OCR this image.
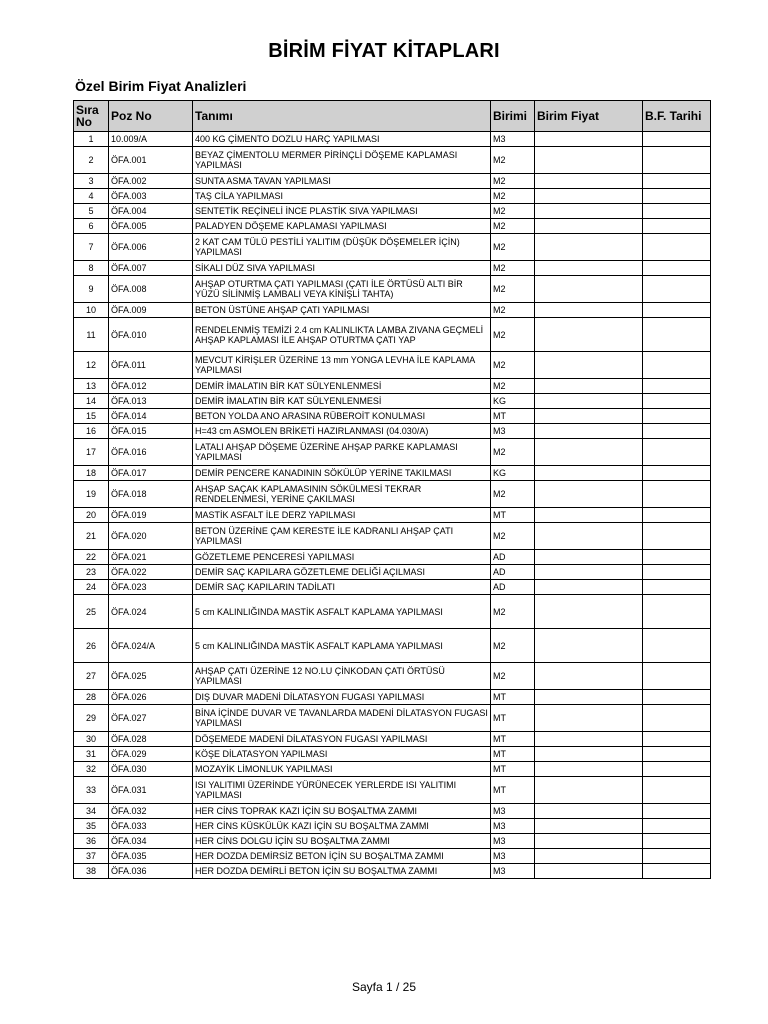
BİRİM FİYAT KİTAPLARI
Özel Birim Fiyat Analizleri
Sıra No	Poz No	Tanımı	Birimi	Birim Fiyat	B.F. Tarihi
1	10.009/A	400 KG ÇİMENTO DOZLU HARÇ YAPILMASI	M3		
2	ÖFA.001	BEYAZ ÇİMENTOLU MERMER PİRİNÇLİ DÖŞEME KAPLAMASI YAPILMASI	M2		
3	ÖFA.002	SUNTA ASMA TAVAN YAPILMASI	M2		
4	ÖFA.003	TAŞ CİLA YAPILMASI	M2		
5	ÖFA.004	SENTETİK REÇİNELİ İNCE PLASTİK SIVA YAPILMASI	M2		
6	ÖFA.005	PALADYEN DÖŞEME KAPLAMASI YAPILMASI	M2		
7	ÖFA.006	2 KAT CAM TÜLÜ PESTİLİ YALITIM (DÜŞÜK DÖŞEMELER İÇİN) YAPILMASI	M2		
8	ÖFA.007	SİKALI DÜZ SIVA YAPILMASI	M2		
9	ÖFA.008	AHŞAP OTURTMA ÇATI YAPILMASI (ÇATI İLE ÖRTÜSÜ ALTI BİR YÜZÜ SİLİNMİŞ LAMBALI VEYA KİNİŞLİ TAHTA)	M2		
10	ÖFA.009	BETON ÜSTÜNE AHŞAP ÇATI YAPILMASI	M2		
11	ÖFA.010	RENDELENMİŞ TEMİZİ 2.4 cm KALINLIKTA LAMBA ZIVANA GEÇMELİ AHŞAP KAPLAMASI İLE AHŞAP OTURTMA ÇATI YAP	M2		
12	ÖFA.011	MEVCUT KİRİŞLER ÜZERİNE 13 mm YONGA LEVHA İLE KAPLAMA YAPILMASI	M2		
13	ÖFA.012	DEMİR İMALATIN BİR KAT SÜLYENLENMESİ	M2		
14	ÖFA.013	DEMİR İMALATIN BİR KAT SÜLYENLENMESİ	KG		
15	ÖFA.014	BETON YOLDA ANO ARASINA RÜBEROİT KONULMASI	MT		
16	ÖFA.015	H=43 cm ASMOLEN BRİKETİ HAZIRLANMASI (04.030/A)	M3		
17	ÖFA.016	LATALI AHŞAP DÖŞEME ÜZERİNE AHŞAP PARKE KAPLAMASI YAPILMASI	M2		
18	ÖFA.017	DEMİR PENCERE KANADININ SÖKÜLÜP YERİNE TAKILMASI	KG		
19	ÖFA.018	AHŞAP SAÇAK KAPLAMASININ SÖKÜLMESİ TEKRAR RENDELENMESİ, YERİNE ÇAKILMASI	M2		
20	ÖFA.019	MASTİK ASFALT İLE DERZ YAPILMASI	MT		
21	ÖFA.020	BETON ÜZERİNE ÇAM KERESTE İLE KADRANLI AHŞAP ÇATI YAPILMASI	M2		
22	ÖFA.021	GÖZETLEME PENCERESİ YAPILMASI	AD		
23	ÖFA.022	DEMİR SAÇ KAPILARA GÖZETLEME DELİĞİ AÇILMASI	AD		
24	ÖFA.023	DEMİR SAÇ KAPILARIN TADİLATI	AD		
25	ÖFA.024	5 cm KALINLIĞINDA MASTİK ASFALT KAPLAMA YAPILMASI	M2		
26	ÖFA.024/A	5 cm KALINLIĞINDA MASTİK ASFALT KAPLAMA YAPILMASI	M2		
27	ÖFA.025	AHŞAP ÇATI ÜZERİNE 12 NO.LU ÇİNKODAN ÇATI ÖRTÜSÜ YAPILMASI	M2		
28	ÖFA.026	DIŞ DUVAR MADENİ DİLATASYON FUGASI YAPILMASI	MT		
29	ÖFA.027	BİNA İÇİNDE DUVAR VE TAVANLARDA MADENİ DİLATASYON FUGASI YAPILMASI	MT		
30	ÖFA.028	DÖŞEMEDE MADENİ DİLATASYON FUGASI YAPILMASI	MT		
31	ÖFA.029	KÖŞE DİLATASYON YAPILMASI	MT		
32	ÖFA.030	MOZAYİK LİMONLUK YAPILMASI	MT		
33	ÖFA.031	ISI YALITIMI ÜZERİNDE YÜRÜNECEK YERLERDE ISI YALITIMI YAPILMASI	MT		
34	ÖFA.032	HER CİNS TOPRAK KAZI İÇİN SU BOŞALTMA ZAMMI	M3		
35	ÖFA.033	HER CİNS KÜSKÜLÜK KAZI İÇİN SU BOŞALTMA ZAMMI	M3		
36	ÖFA.034	HER CİNS DOLGU İÇİN SU BOŞALTMA ZAMMI	M3		
37	ÖFA.035	HER DOZDA DEMİRSİZ BETON İÇİN SU BOŞALTMA ZAMMI	M3		
38	ÖFA.036	HER DOZDA DEMİRLİ BETON İÇİN SU BOŞALTMA ZAMMI	M3		
Sayfa 1 / 25
